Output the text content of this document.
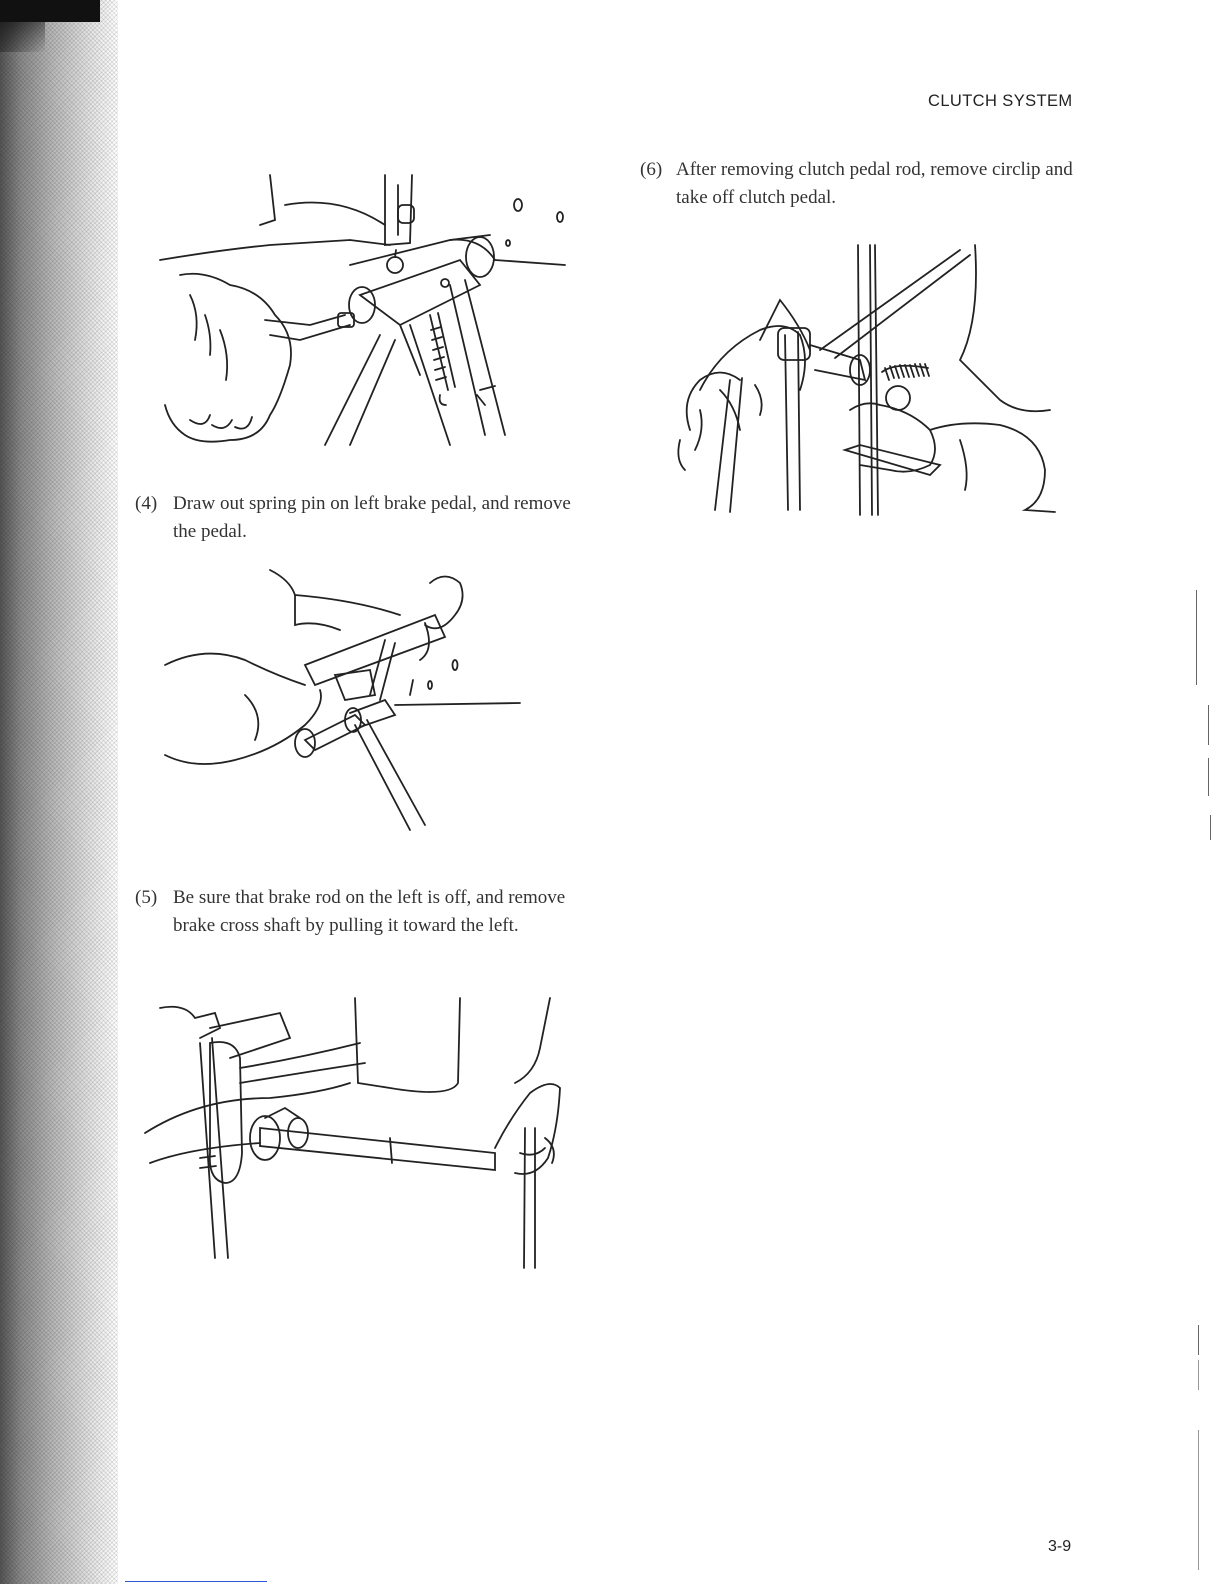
CLUTCH SYSTEM
(4) Draw out spring pin on left brake pedal, and remove the pedal.
(5) Be sure that brake rod on the left is off, and remove brake cross shaft by pulling it toward the left.
(6) After removing clutch pedal rod, remove circlip and take off clutch pedal.
3-9
